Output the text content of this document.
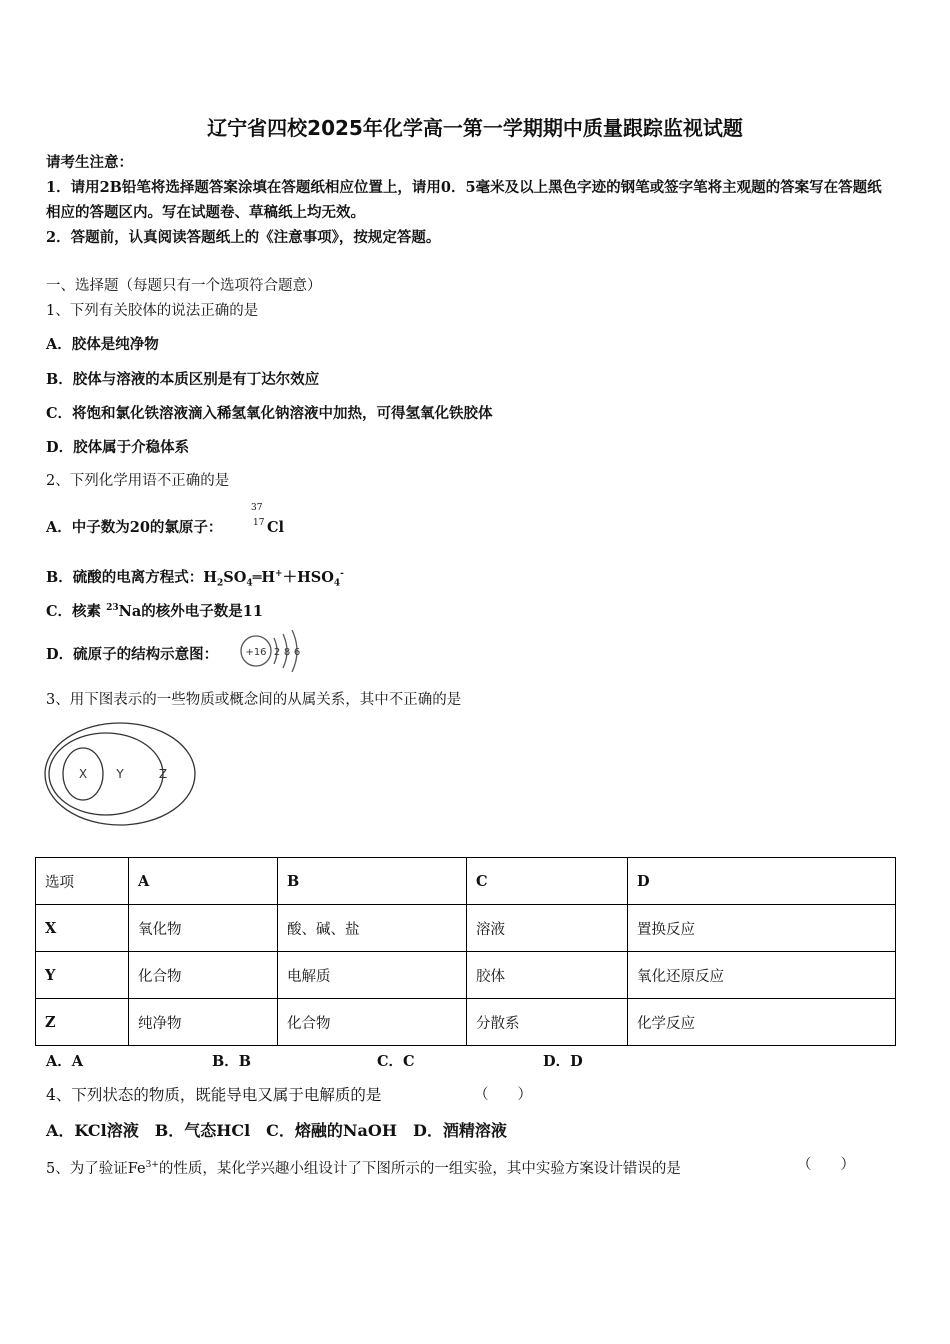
辽宁省四校2025年化学高一第一学期期中质量跟踪监视试题
请考生注意：
1．请用2B铅笔将选择题答案涂填在答题纸相应位置上，请用0．5毫米及以上黑色字迹的钢笔或签字笔将主观题的答案写在答题纸相应的答题区内。写在试题卷、草稿纸上均无效。
2．答题前，认真阅读答题纸上的《注意事项》，按规定答题。
一、选择题（每题只有一个选项符合题意）
1、下列有关胶体的说法正确的是
A．胶体是纯净物
B．胶体与溶液的本质区别是有丁达尔效应
C．将饱和氯化铁溶液滴入稀氢氧化钠溶液中加热，可得氢氧化铁胶体
D．胶体属于介稳体系
2、下列化学用语不正确的是
A．中子数为20的氯原子：
37
17 Cl
B．硫酸的电离方程式：$H_2SO_4═H^++HSO_4^-$
C．核素 $^{23}$Na的核外电子数是11
D．硫原子的结构示意图：	+16 2 8 6
3、用下图表示的一些物质或概念间的从属关系，其中不正确的是
X Y	Z
选项	A	B	C	D
X	氧化物	酸、碱、盐	溶液	置换反应
Y	化合物	电解质	胶体	氧化还原反应
Z	纯净物	化合物	分散系	化学反应
A．A	B．B	C．C	D．D
4、下列状态的物质，既能导电又属于电解质的是	（　　）
A．KCl溶液　B．气态HCl　C．熔融的NaOH　D．酒精溶液
5、为了验证$Fe^{3+}$的性质，某化学兴趣小组设计了下图所示的一组实验，其中实验方案设计错误的是	（　　）
